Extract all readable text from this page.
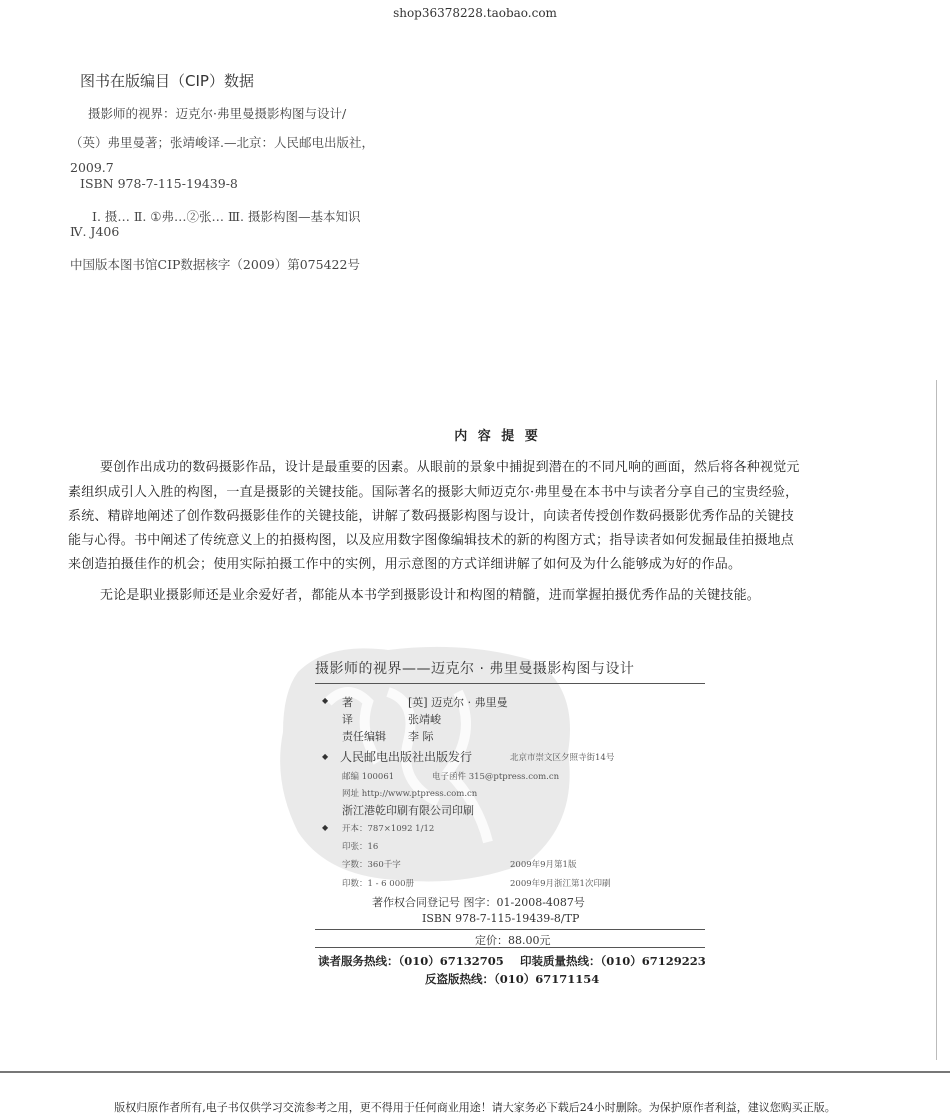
shop36378228.taobao.com
图书在版编目（CIP）数据
摄影师的视界：迈克尔·弗里曼摄影构图与设计/
（英）弗里曼著；张靖峻译.—北京：人民邮电出版社，
2009.7
ISBN 978-7-115-19439-8
Ⅰ. 摄… Ⅱ. ①弗…②张… Ⅲ. 摄影构图—基本知识
Ⅳ. J406
中国版本图书馆CIP数据核字（2009）第075422号
内 容 提 要
要创作出成功的数码摄影作品，设计是最重要的因素。从眼前的景象中捕捉到潜在的不同凡响的画面，然后将各种视觉元
素组织成引人入胜的构图，一直是摄影的关键技能。国际著名的摄影大师迈克尔·弗里曼在本书中与读者分享自己的宝贵经验，
系统、精辟地阐述了创作数码摄影佳作的关键技能，讲解了数码摄影构图与设计，向读者传授创作数码摄影优秀作品的关键技
能与心得。书中阐述了传统意义上的拍摄构图，以及应用数字图像编辑技术的新的构图方式；指导读者如何发掘最佳拍摄地点
来创造拍摄佳作的机会；使用实际拍摄工作中的实例，用示意图的方式详细讲解了如何及为什么能够成为好的作品。
无论是职业摄影师还是业余爱好者，都能从本书学到摄影设计和构图的精髓，进而掌握拍摄优秀作品的关键技能。
摄影师的视界——迈克尔 · 弗里曼摄影构图与设计
◆ 著	[英] 迈克尔 · 弗里曼
译	张靖峻
责任编辑 李 际
◆ 人民邮电出版社出版发行	北京市崇文区夕照寺街14号
邮编 100061	电子函件 315@ptpress.com.cn
网址 http://www.ptpress.com.cn
浙江港乾印刷有限公司印刷
◆ 开本：787×1092 1/12
印张：16
字数：360千字	2009年9月第1版
印数：1 - 6 000册	2009年9月浙江第1次印刷
著作权合同登记号 图字：01-2008-4087号
ISBN 978-7-115-19439-8/TP
定价：88.00元
读者服务热线：（010）67132705 印装质量热线：（010）67129223
反盗版热线：（010）67171154
版权归原作者所有,电子书仅供学习交流参考之用，更不得用于任何商业用途！请大家务必下载后24小时删除。为保护原作者利益，建议您购买正版。
